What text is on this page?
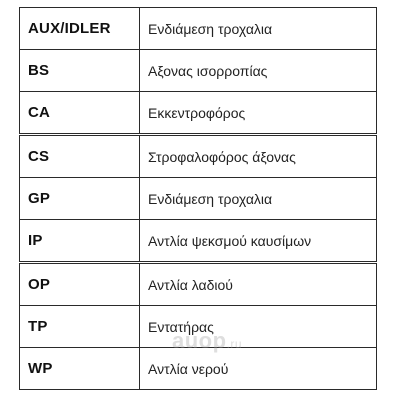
AUX/IDLER	Ενδιάμεση τροχαλια
BS	Αξονας ισορροπίας
CA	Εκκεντροφόρος
CS	Στροφαλοφόρος άξονας
GP	Ενδιάμεση τροχαλια
IP	Αντλία ψεκσμού καυσίμων
OP	Αντλία λαδιού
TP	Εντατήρας
WP	Αντλία νερού
auop.ru
